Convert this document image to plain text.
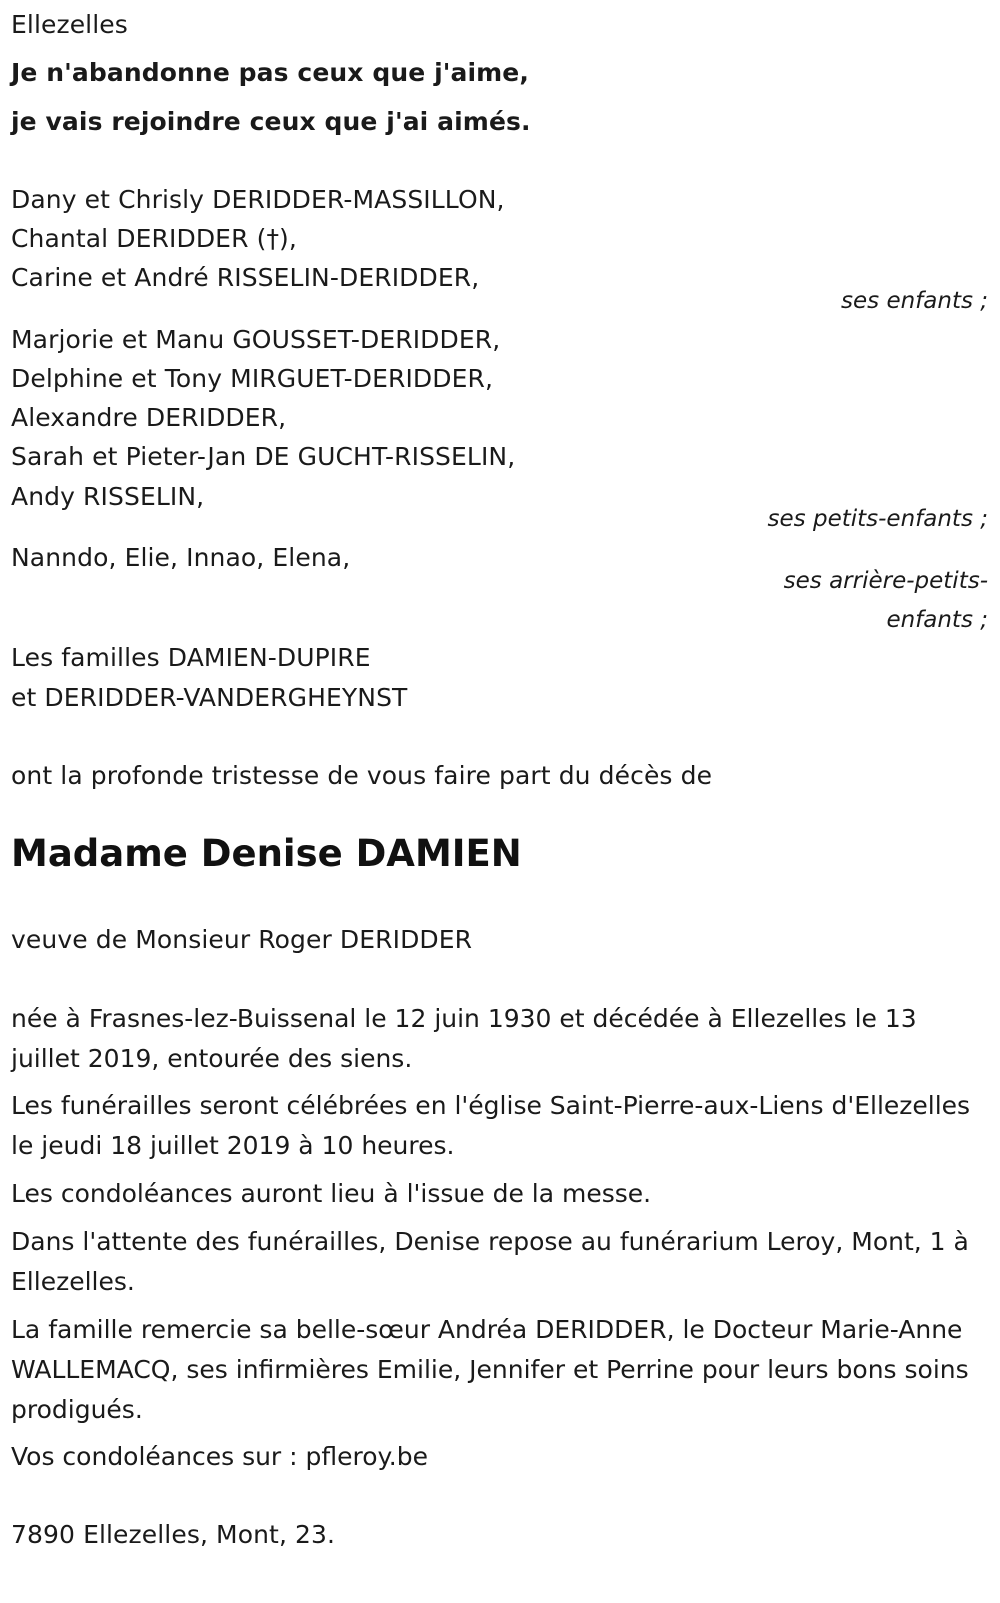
Ellezelles
Je n'abandonne pas ceux que j'aime,
je vais rejoindre ceux que j'ai aimés.
Dany et Chrisly DERIDDER-MASSILLON,
Chantal DERIDDER (†),
Carine et André RISSELIN-DERIDDER,
ses enfants ;
Marjorie et Manu GOUSSET-DERIDDER,
Delphine et Tony MIRGUET-DERIDDER,
Alexandre DERIDDER,
Sarah et Pieter-Jan DE GUCHT-RISSELIN,
Andy RISSELIN,
ses petits-enfants ;
Nanndo, Elie, Innao, Elena,
ses arrière-petits-
enfants ;
Les familles DAMIEN-DUPIRE
et DERIDDER-VANDERGHEYNST
ont la profonde tristesse de vous faire part du décès de
Madame Denise DAMIEN
veuve de Monsieur Roger DERIDDER
née à Frasnes-lez-Buissenal le 12 juin 1930 et décédée à Ellezelles le 13 juillet 2019, entourée des siens.
Les funérailles seront célébrées en l'église Saint-Pierre-aux-Liens d'Ellezelles le jeudi 18 juillet 2019 à 10 heures.
Les condoléances auront lieu à l'issue de la messe.
Dans l'attente des funérailles, Denise repose au funérarium Leroy, Mont, 1 à Ellezelles.
La famille remercie sa belle-sœur Andréa DERIDDER, le Docteur Marie-Anne WALLEMACQ, ses infirmières Emilie, Jennifer et Perrine pour leurs bons soins prodigués.
Vos condoléances sur : pfleroy.be
7890 Ellezelles, Mont, 23.
